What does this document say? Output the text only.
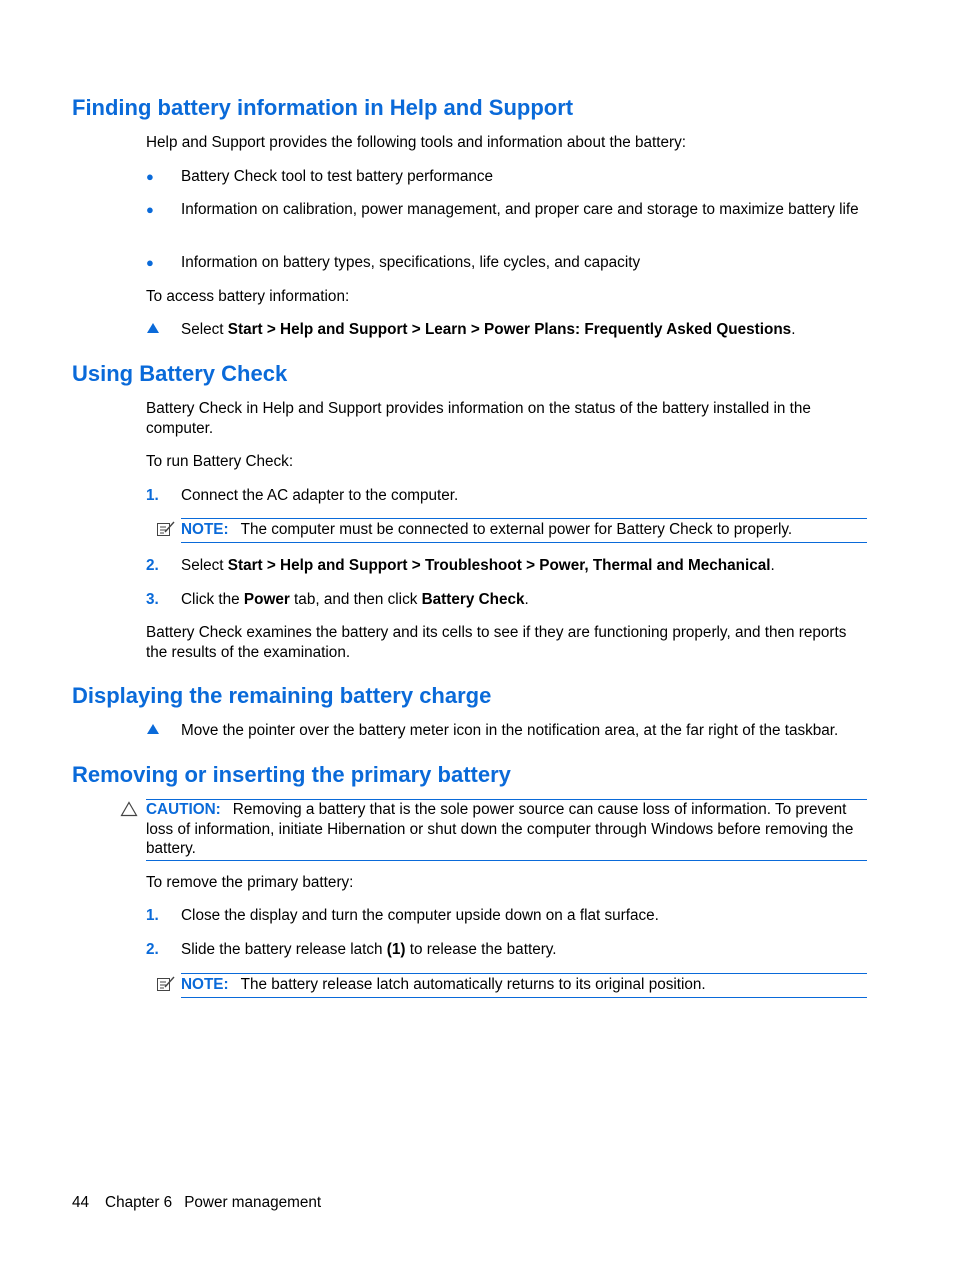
Finding battery information in Help and Support
Help and Support provides the following tools and information about the battery:
● Battery Check tool to test battery performance
● Information on calibration, power management, and proper care and storage to maximize battery life
● Information on battery types, specifications, life cycles, and capacity
To access battery information:
Select Start > Help and Support > Learn > Power Plans: Frequently Asked Questions.
Using Battery Check
Battery Check in Help and Support provides information on the status of the battery installed in the computer.
To run Battery Check:
1. Connect the AC adapter to the computer.
NOTE: The computer must be connected to external power for Battery Check to properly.
2. Select Start > Help and Support > Troubleshoot > Power, Thermal and Mechanical.
3. Click the Power tab, and then click Battery Check.
Battery Check examines the battery and its cells to see if they are functioning properly, and then reports the results of the examination.
Displaying the remaining battery charge
Move the pointer over the battery meter icon in the notification area, at the far right of the taskbar.
Removing or inserting the primary battery
CAUTION: Removing a battery that is the sole power source can cause loss of information. To prevent loss of information, initiate Hibernation or shut down the computer through Windows before removing the battery.
To remove the primary battery:
1. Close the display and turn the computer upside down on a flat surface.
2. Slide the battery release latch (1) to release the battery.
NOTE: The battery release latch automatically returns to its original position.
44 Chapter 6 Power management
